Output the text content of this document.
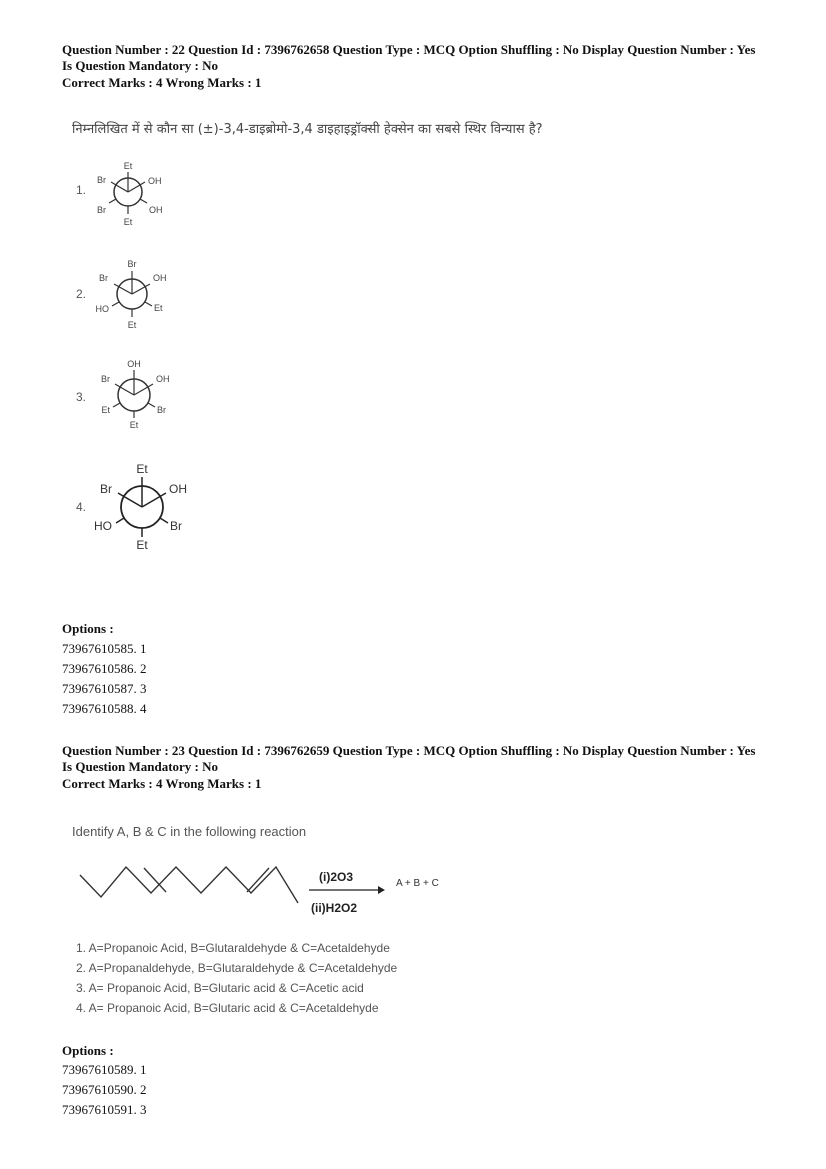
Question Number : 22 Question Id : 7396762658 Question Type : MCQ Option Shuffling : No Display Question Number : Yes
Is Question Mandatory : No
Correct Marks : 4 Wrong Marks : 1
निम्नलिखित में से कौन सा (±)-3,4-डाइब्रोमो-3,4 डाइहाइड्रॉक्सी हेक्सेन का सबसे स्थिर विन्यास है?
1.
Et
Br	OH
Br	OH
Et
2.
Br
Br	OH
HO	Et
Et
3.
OH
Br	OH
Et	Br
Et
4.
Et
Br	OH
HO	Br
Et
Options :
73967610585. 1
73967610586. 2
73967610587. 3
73967610588. 4
Question Number : 23 Question Id : 7396762659 Question Type : MCQ Option Shuffling : No Display Question Number : Yes
Is Question Mandatory : No
Correct Marks : 4 Wrong Marks : 1
Identify A, B & C in the following reaction
(i)2O3
(ii)H2O2
A + B + C
1. A=Propanoic Acid, B=Glutaraldehyde & C=Acetaldehyde
2. A=Propanaldehyde, B=Glutaraldehyde & C=Acetaldehyde
3. A= Propanoic Acid, B=Glutaric acid & C=Acetic acid
4. A= Propanoic Acid, B=Glutaric acid & C=Acetaldehyde
Options :
73967610589. 1
73967610590. 2
73967610591. 3
